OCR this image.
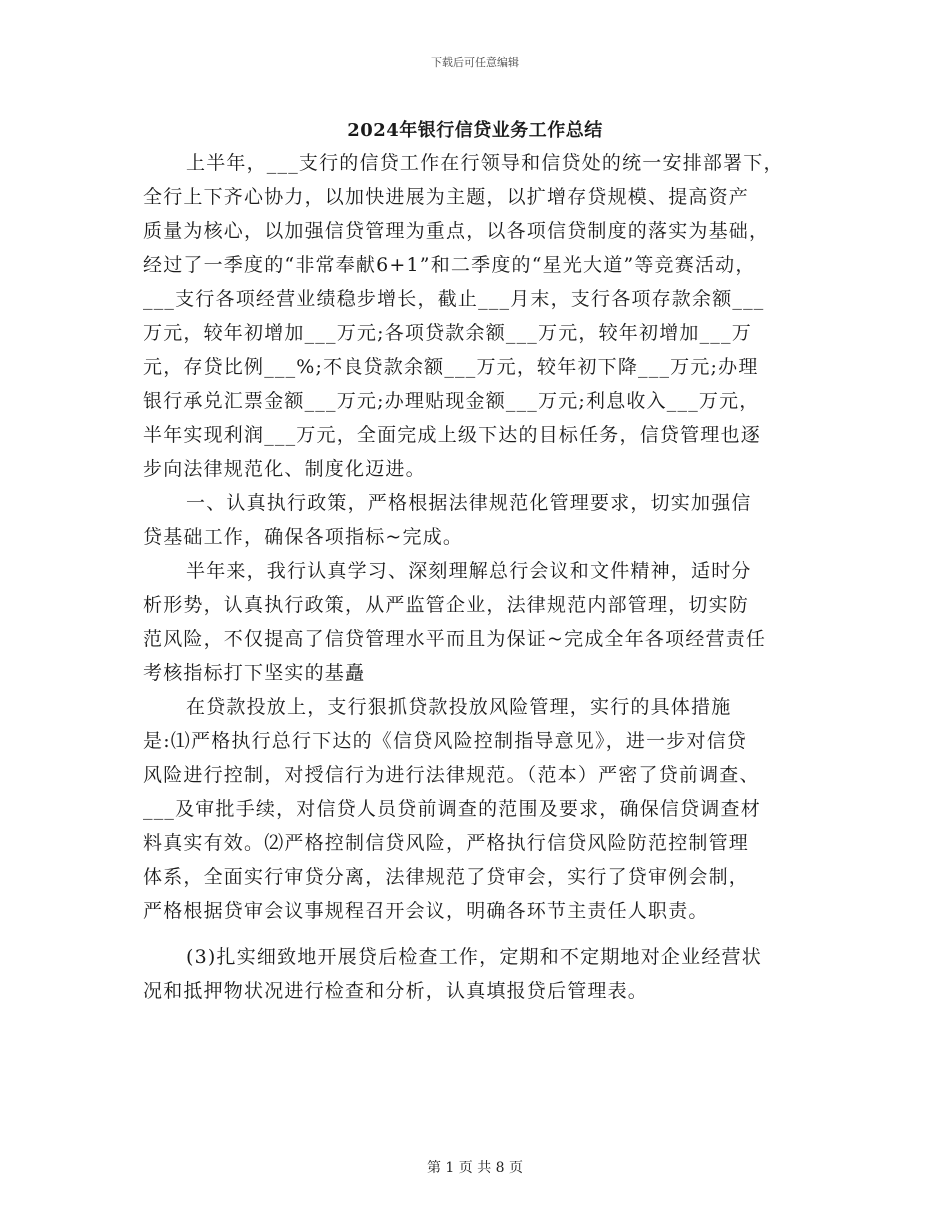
下载后可任意编辑
2024年银行信贷业务工作总结
上半年，___支行的信贷工作在行领导和信贷处的统一安排部署下，
全行上下齐心协力，以加快进展为主题，以扩增存贷规模、提高资产
质量为核心，以加强信贷管理为重点，以各项信贷制度的落实为基础，
经过了一季度的“非常奉献6+1”和二季度的“星光大道”等竞赛活动，
___支行各项经营业绩稳步增长，截止___月末，支行各项存款余额___
万元，较年初增加___万元;各项贷款余额___万元，较年初增加___万
元，存贷比例___%;不良贷款余额___万元，较年初下降___万元;办理
银行承兑汇票金额___万元;办理贴现金额___万元;利息收入___万元，
半年实现利润___万元，全面完成上级下达的目标任务，信贷管理也逐
步向法律规范化、制度化迈进。
一、认真执行政策，严格根据法律规范化管理要求，切实加强信
贷基础工作，确保各项指标~完成。
半年来，我行认真学习、深刻理解总行会议和文件精神，适时分
析形势，认真执行政策，从严监管企业，法律规范内部管理，切实防
范风险，不仅提高了信贷管理水平而且为保证~完成全年各项经营责任
考核指标打下坚实的基矗
在贷款投放上，支行狠抓贷款投放风险管理，实行的具体措施
是:⑴严格执行总行下达的《信贷风险控制指导意见》，进一步对信贷
风险进行控制，对授信行为进行法律规范。（范本）严密了贷前调查、
___及审批手续，对信贷人员贷前调查的范围及要求，确保信贷调查材
料真实有效。⑵严格控制信贷风险，严格执行信贷风险防范控制管理
体系，全面实行审贷分离，法律规范了贷审会，实行了贷审例会制，
严格根据贷审会议事规程召开会议，明确各环节主责任人职责。
(3)扎实细致地开展贷后检查工作，定期和不定期地对企业经营状
况和抵押物状况进行检查和分析，认真填报贷后管理表。
第 1 页 共 8 页
